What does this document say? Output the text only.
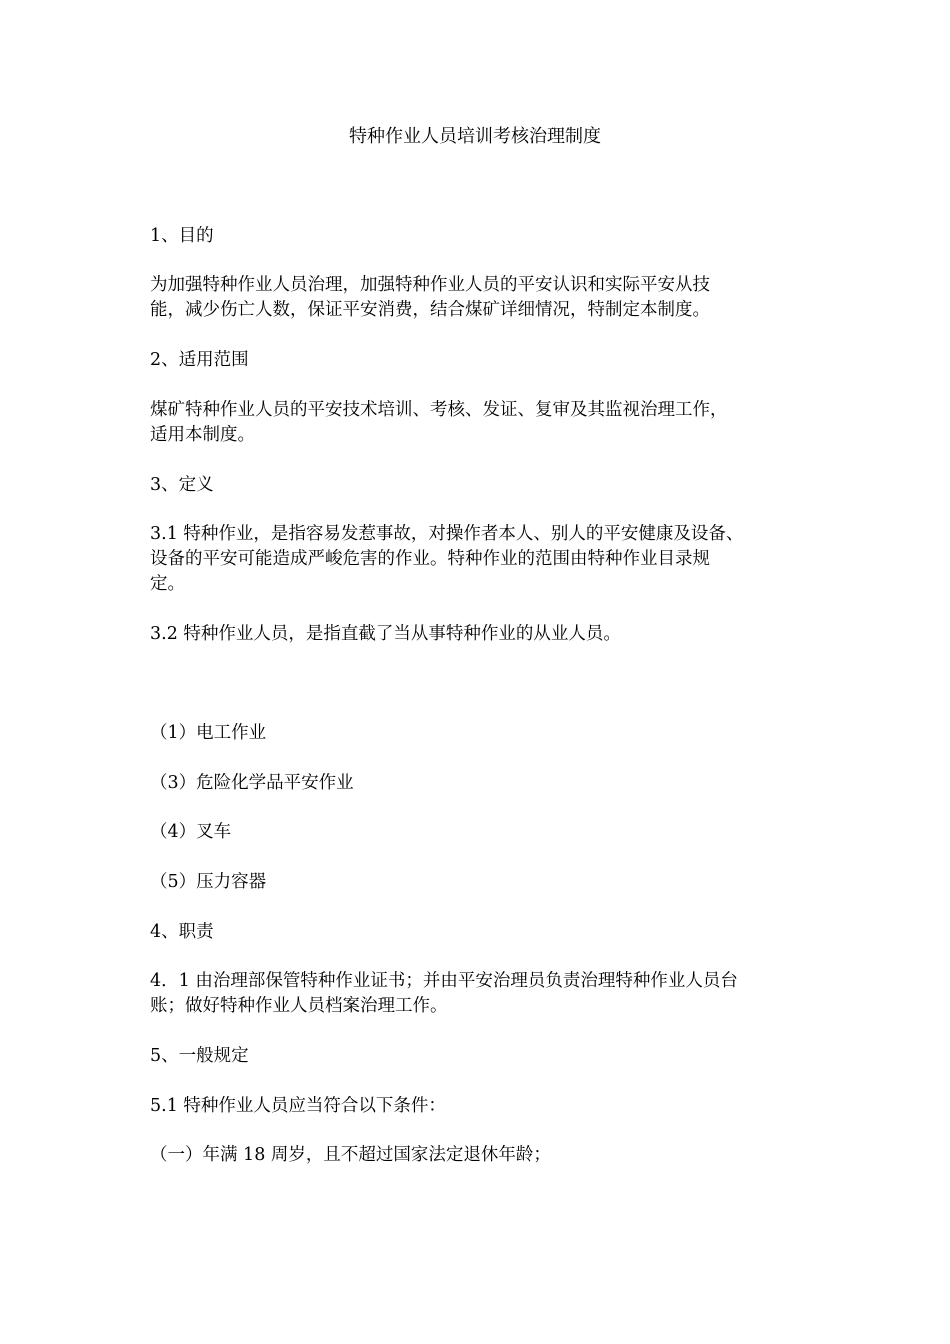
特种作业人员培训考核治理制度
1、目的
为加强特种作业人员治理，加强特种作业人员的平安认识和实际平安从技
能，减少伤亡人数，保证平安消费，结合煤矿详细情况，特制定本制度。
2、适用范围
煤矿特种作业人员的平安技术培训、考核、发证、复审及其监视治理工作，
适用本制度。
3、定义
3.1 特种作业，是指容易发惹事故，对操作者本人、别人的平安健康及设备、
设备的平安可能造成严峻危害的作业。特种作业的范围由特种作业目录规
定。
3.2 特种作业人员，是指直截了当从事特种作业的从业人员。
（1）电工作业
（3）危险化学品平安作业
（4）叉车
（5）压力容器
4、职责
4．1 由治理部保管特种作业证书；并由平安治理员负责治理特种作业人员台
账；做好特种作业人员档案治理工作。
5、一般规定
5.1 特种作业人员应当符合以下条件：
（一）年满 18 周岁，且不超过国家法定退休年龄；
